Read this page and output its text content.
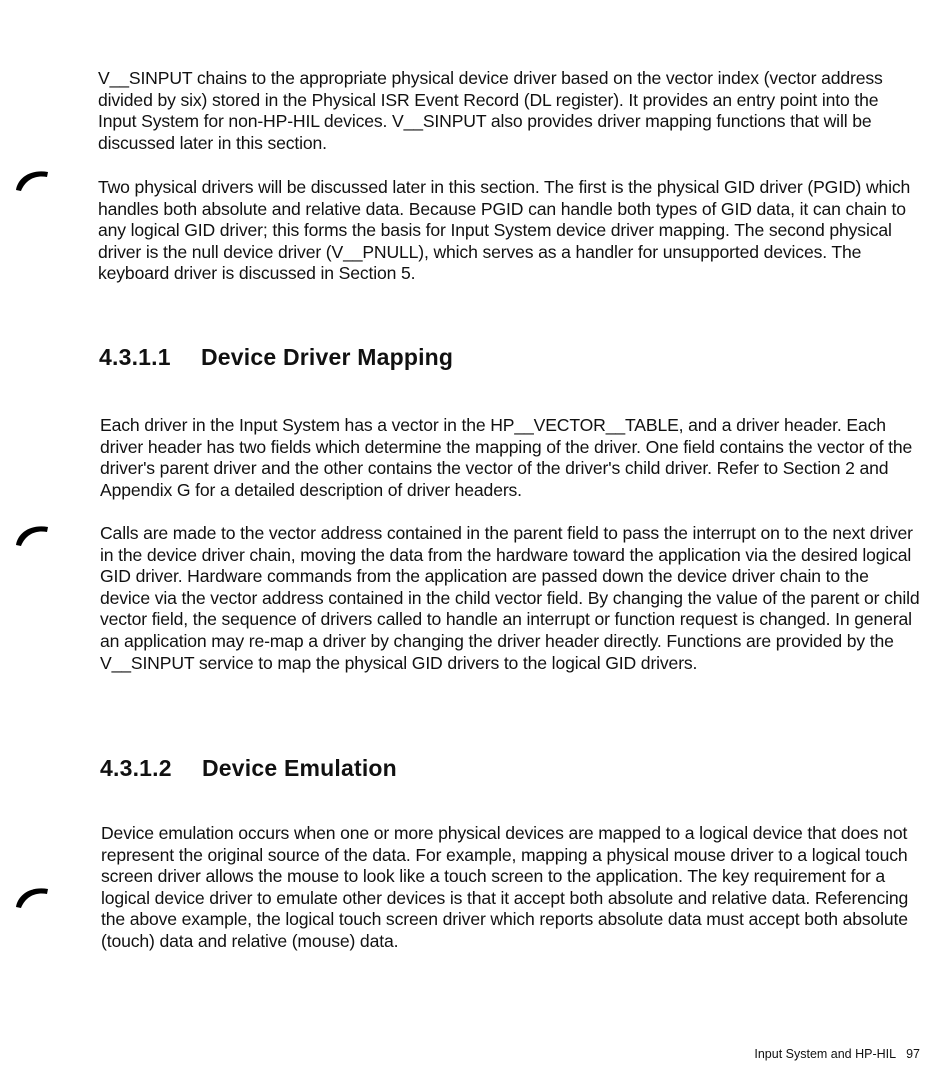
V__SINPUT chains to the appropriate physical device driver based on the vector index (vector address divided by six) stored in the Physical ISR Event Record (DL register). It provides an entry point into the Input System for non-HP-HIL devices. V__SINPUT also provides driver mapping functions that will be discussed later in this section.

Two physical drivers will be discussed later in this section. The first is the physical GID driver (PGID) which handles both absolute and relative data. Because PGID can handle both types of GID data, it can chain to any logical GID driver; this forms the basis for Input System device driver mapping. The second physical driver is the null device driver (V__PNULL), which serves as a handler for unsupported devices. The keyboard driver is discussed in Section 5.

4.3.1.1 Device Driver Mapping

Each driver in the Input System has a vector in the HP__VECTOR__TABLE, and a driver header. Each driver header has two fields which determine the mapping of the driver. One field contains the vector of the driver's parent driver and the other contains the vector of the driver's child driver. Refer to Section 2 and Appendix G for a detailed description of driver headers.

Calls are made to the vector address contained in the parent field to pass the interrupt on to the next driver in the device driver chain, moving the data from the hardware toward the application via the desired logical GID driver. Hardware commands from the application are passed down the device driver chain to the device via the vector address contained in the child vector field. By changing the value of the parent or child vector field, the sequence of drivers called to handle an interrupt or function request is changed. In general an application may re-map a driver by changing the driver header directly. Functions are provided by the V__SINPUT service to map the physical GID drivers to the logical GID drivers.

4.3.1.2 Device Emulation

Device emulation occurs when one or more physical devices are mapped to a logical device that does not represent the original source of the data. For example, mapping a physical mouse driver to a logical touch screen driver allows the mouse to look like a touch screen to the application. The key requirement for a logical device driver to emulate other devices is that it accept both absolute and relative data. Referencing the above example, the logical touch screen driver which reports absolute data must accept both absolute (touch) data and relative (mouse) data.

Input System and HP-HIL 97
